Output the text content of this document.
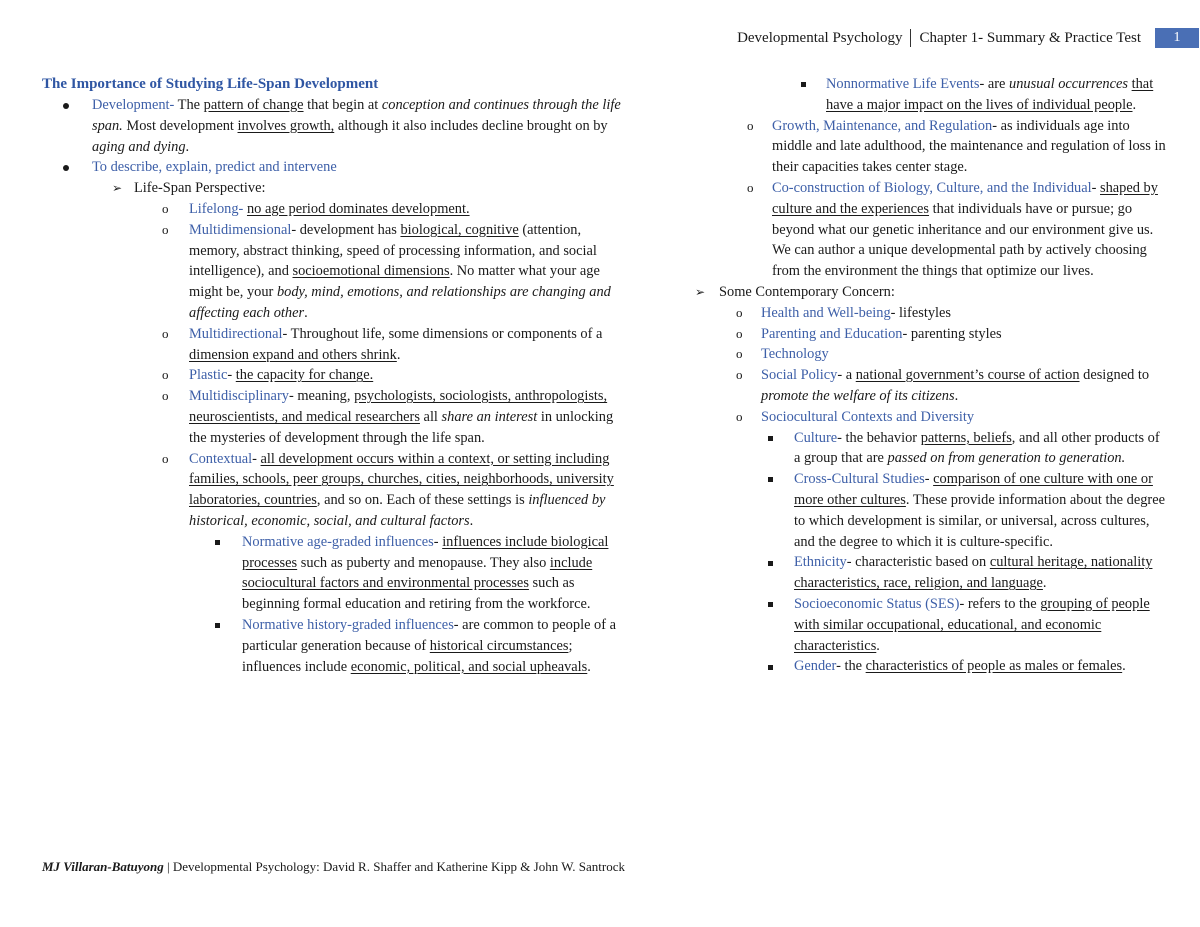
Developmental Psychology	Chapter 1- Summary & Practice Test	1
The Importance of Studying Life-Span Development
Development- The pattern of change that begin at conception and continues through the life span. Most development involves growth, although it also includes decline brought on by aging and dying.
To describe, explain, predict and intervene
➢ Life-Span Perspective:
o	Lifelong- no age period dominates development.
o	Multidimensional- development has biological, cognitive (attention, memory, abstract thinking, speed of processing information, and social intelligence), and socioemotional dimensions. No matter what your age might be, your body, mind, emotions, and relationships are changing and affecting each other.
o	Multidirectional- Throughout life, some dimensions or components of a dimension expand and others shrink.
o	Plastic- the capacity for change.
o	Multidisciplinary- meaning, psychologists, sociologists, anthropologists, neuroscientists, and medical researchers all share an interest in unlocking the mysteries of development through the life span.
o	Contextual- all development occurs within a context, or setting including families, schools, peer groups, churches, cities, neighborhoods, university laboratories, countries, and so on. Each of these settings is influenced by historical, economic, social, and cultural factors.
Normative age-graded influences- influences include biological processes such as puberty and menopause. They also include sociocultural factors and environmental processes such as beginning formal education and retiring from the workforce.
Normative history-graded influences- are common to people of a particular generation because of historical circumstances; influences include economic, political, and social upheavals.
Nonnormative Life Events- are unusual occurrences that have a major impact on the lives of individual people.
o	Growth, Maintenance, and Regulation- as individuals age into middle and late adulthood, the maintenance and regulation of loss in their capacities takes center stage.
o	Co-construction of Biology, Culture, and the Individual- shaped by culture and the experiences that individuals have or pursue; go beyond what our genetic inheritance and our environment give us. We can author a unique developmental path by actively choosing from the environment the things that optimize our lives.
➢ Some Contemporary Concern:
o	Health and Well-being- lifestyles
o	Parenting and Education- parenting styles
o	Technology
o	Social Policy- a national government’s course of action designed to promote the welfare of its citizens.
o	Sociocultural Contexts and Diversity
Culture- the behavior patterns, beliefs, and all other products of a group that are passed on from generation to generation.
Cross-Cultural Studies- comparison of one culture with one or more other cultures. These provide information about the degree to which development is similar, or universal, across cultures, and the degree to which it is culture-specific.
Ethnicity- characteristic based on cultural heritage, nationality characteristics, race, religion, and language.
Socioeconomic Status (SES)- refers to the grouping of people with similar occupational, educational, and economic characteristics.
Gender- the characteristics of people as males or females.
MJ Villaran-Batuyong | Developmental Psychology: David R. Shaffer and Katherine Kipp & John W. Santrock
